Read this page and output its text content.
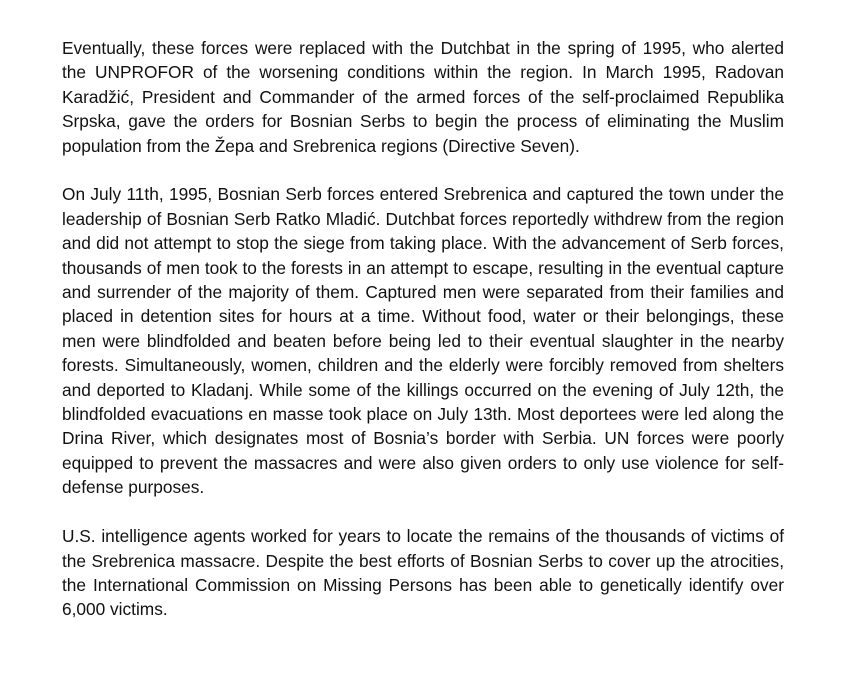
Eventually, these forces were replaced with the Dutchbat in the spring of 1995, who alerted the UNPROFOR of the worsening conditions within the region. In March 1995, Radovan Karadžić, President and Commander of the armed forces of the self-proclaimed Republika Srpska, gave the orders for Bosnian Serbs to begin the process of eliminating the Muslim population from the Žepa and Srebrenica regions (Directive Seven).

On July 11th, 1995, Bosnian Serb forces entered Srebrenica and captured the town under the leadership of Bosnian Serb Ratko Mladić. Dutchbat forces reportedly withdrew from the region and did not attempt to stop the siege from taking place. With the advancement of Serb forces, thousands of men took to the forests in an attempt to escape, resulting in the eventual capture and surrender of the majority of them. Captured men were separated from their families and placed in detention sites for hours at a time. Without food, water or their belongings, these men were blindfolded and beaten before being led to their eventual slaughter in the nearby forests. Simultaneously, women, children and the elderly were forcibly removed from shelters and deported to Kladanj. While some of the killings occurred on the evening of July 12th, the blindfolded evacuations en masse took place on July 13th. Most deportees were led along the Drina River, which designates most of Bosnia’s border with Serbia. UN forces were poorly equipped to prevent the massacres and were also given orders to only use violence for self-defense purposes.

U.S. intelligence agents worked for years to locate the remains of the thousands of victims of the Srebrenica massacre. Despite the best efforts of Bosnian Serbs to cover up the atrocities, the International Commission on Missing Persons has been able to genetically identify over 6,000 victims.
